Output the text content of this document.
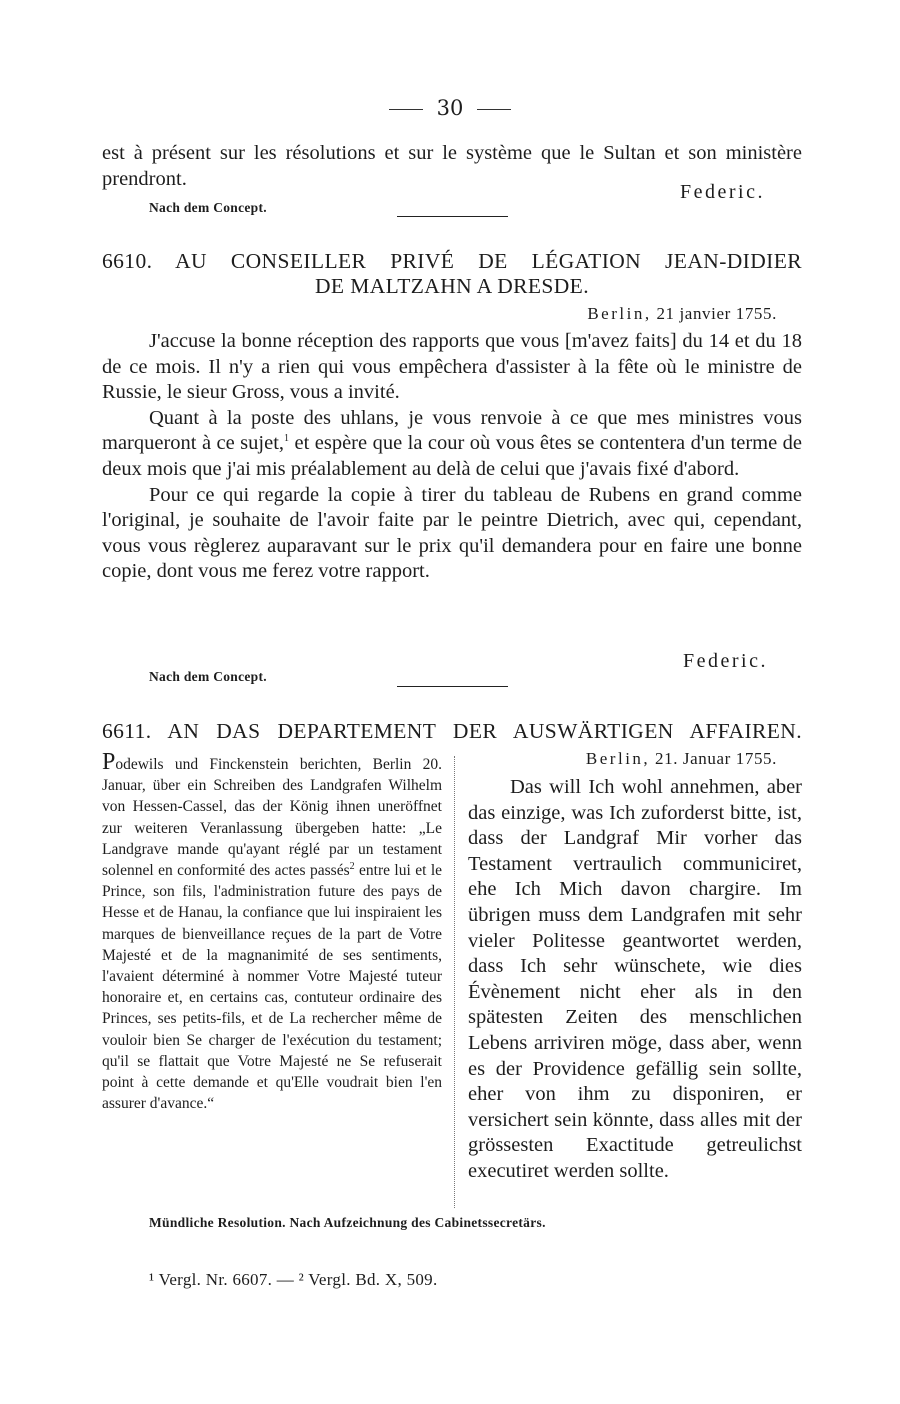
30

est à présent sur les résolutions et sur le système que le Sultan et son ministère prendront.

Federic.
Nach dem Concept.
6610. AU CONSEILLER PRIVÉ DE LÉGATION JEAN-DIDIER
DE MALTZAHN A DRESDE.
Berlin, 21 janvier 1755.

J'accuse la bonne réception des rapports que vous [m'avez faits] du 14 et du 18 de ce mois. Il n'y a rien qui vous empêchera d'assister à la fête où le ministre de Russie, le sieur Gross, vous a invité.

Quant à la poste des uhlans, je vous renvoie à ce que mes ministres vous marqueront à ce sujet,$^1$ et espère que la cour où vous êtes se contentera d'un terme de deux mois que j'ai mis préalablement au delà de celui que j'avais fixé d'abord.

Pour ce qui regarde la copie à tirer du tableau de Rubens en grand comme l'original, je souhaite de l'avoir faite par le peintre Dietrich, avec qui, cependant, vous vous règlerez auparavant sur le prix qu'il demandera pour en faire une bonne copie, dont vous me ferez votre rapport.

Federic.
Nach dem Concept.
6611. AN DAS DEPARTEMENT DER AUSWÄRTIGEN AFFAIREN.
Podewils und Finckenstein berichten, Berlin 20. Januar, über ein Schreiben des Landgrafen Wilhelm von Hessen-Cassel, das der König ihnen uneröffnet zur weiteren Veranlassung übergeben hatte: „Le Landgrave mande qu'ayant réglé par un testament solennel en conformité des actes passés$^2$ entre lui et le Prince, son fils, l'administration future des pays de Hesse et de Hanau, la confiance que lui inspiraient les marques de bienveillance reçues de la part de Votre Majesté et de la magnanimité de ses sentiments, l'avaient déterminé à nommer Votre Majesté tuteur honoraire et, en certains cas, contuteur ordinaire des Princes, ses petits-fils, et de La rechercher même de vouloir bien Se charger de l'exécution du testament; qu'il se flattait que Votre Majesté ne Se refuserait point à cette demande et qu'Elle voudrait bien l'en assurer d'avance.“
Berlin, 21. Januar 1755.
Das will Ich wohl annehmen, aber das einzige, was Ich zuforderst bitte, ist, dass der Landgraf Mir vorher das Testament vertraulich communiciret, ehe Ich Mich davon chargire. Im übrigen muss dem Landgrafen mit sehr vieler Politesse geantwortet werden, dass Ich sehr wünschete, wie dies Évènement nicht eher als in den spätesten Zeiten des menschlichen Lebens arriviren möge, dass aber, wenn es der Providence gefällig sein sollte, eher von ihm zu disponiren, er versichert sein könnte, dass alles mit der grössesten Exactitude getreulichst executiret werden sollte.
Mündliche Resolution. Nach Aufzeichnung des Cabinetssecretärs.
¹ Vergl. Nr. 6607. — ² Vergl. Bd. X, 509.
